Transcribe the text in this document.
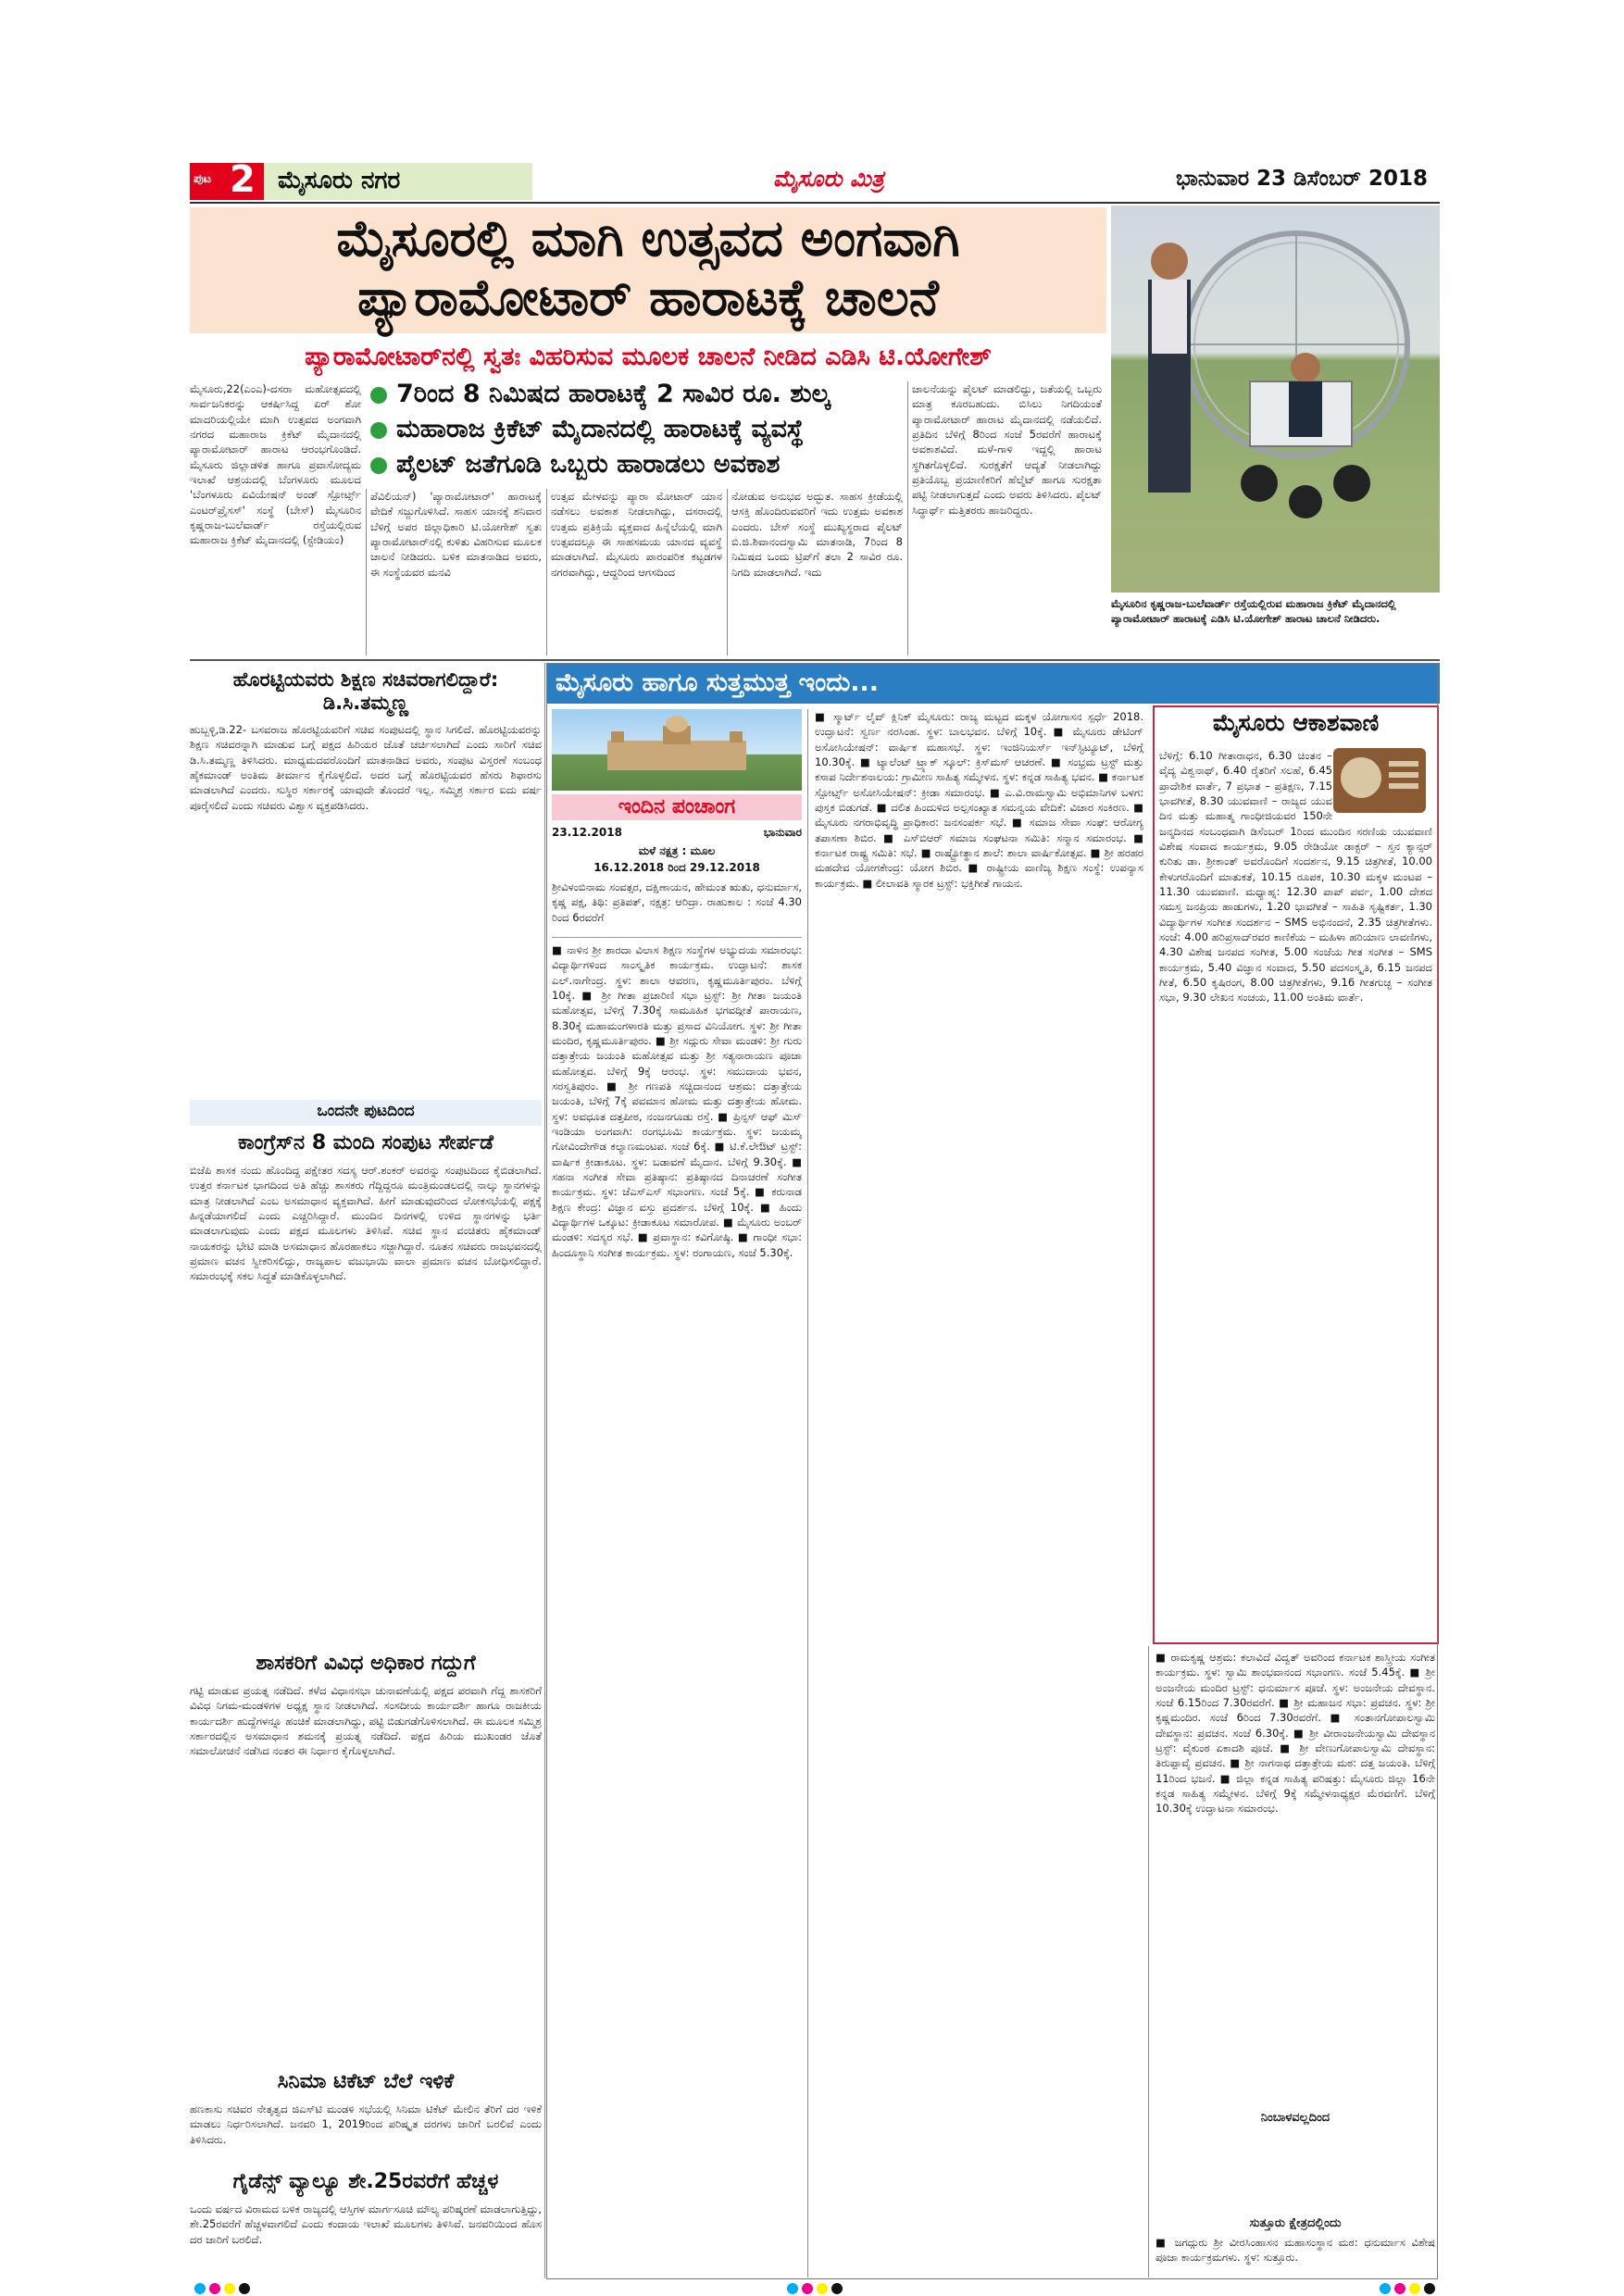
ಪುಟ 2 ಮೈಸೂರು ನಗರ	ಮೈಸೂರು ಮಿತ್ರ	ಭಾನುವಾರ 23 ಡಿಸೆಂಬರ್ 2018
ಮೈಸೂರಲ್ಲಿ ಮಾಗಿ ಉತ್ಸವದ ಅಂಗವಾಗಿ
ಪ್ಯಾರಾಮೋಟಾರ್ ಹಾರಾಟಕ್ಕೆ ಚಾಲನೆ
ಪ್ಯಾರಾಮೋಟಾರ್‌ನಲ್ಲಿ ಸ್ವತಃ ವಿಹರಿಸುವ ಮೂಲಕ ಚಾಲನೆ ನೀಡಿದ ಎಡಿಸಿ ಟಿ.ಯೋಗೇಶ್
ಮೈಸೂರಿನ ಕೃಷ್ಣರಾಜ-ಬುಲೆವಾರ್ಡ್ ರಸ್ತೆಯಲ್ಲಿರುವ ಮಹಾರಾಜ ಕ್ರಿಕೆಟ್ ಮೈದಾನದಲ್ಲಿ ಪ್ಯಾರಾಮೋಟಾರ್ ಹಾರಾಟಕ್ಕೆ ಎಡಿಸಿ ಟಿ.ಯೋಗೇಶ್ ಹಾರಾಟ ಚಾಲನೆ ನೀಡಿದರು.
7ರಿಂದ 8 ನಿಮಿಷದ ಹಾರಾಟಕ್ಕೆ 2 ಸಾವಿರ ರೂ. ಶುಲ್ಕ
ಮಹಾರಾಜ ಕ್ರಿಕೆಟ್ ಮೈದಾನದಲ್ಲಿ ಹಾರಾಟಕ್ಕೆ ವ್ಯವಸ್ಥೆ
ಪೈಲಟ್ ಜತೆಗೂಡಿ ಒಬ್ಬರು ಹಾರಾಡಲು ಅವಕಾಶ
ಮೈಸೂರು,22(ಎಂಎ)-ದಸರಾ ಮಹೋತ್ಸವದಲ್ಲಿ ಸಾರ್ವಜನಿಕರನ್ನು ಆಕರ್ಷಿಸಿದ್ದ ಏರ್ ಶೋ ಮಾದರಿಯಲ್ಲಿಯೇ ಮಾಗಿ ಉತ್ಸವದ ಅಂಗವಾಗಿ ನಗರದ ಮಹಾರಾಜ ಕ್ರಿಕೆಟ್ ಮೈದಾನದಲ್ಲಿ ಪ್ಯಾರಾಮೋಟಾರ್ ಹಾರಾಟ ಆರಂಭಗೊಂಡಿದೆ. ಮೈಸೂರು ಜಿಲ್ಲಾಡಳಿತ ಹಾಗೂ ಪ್ರವಾಸೋದ್ಯಮ ಇಲಾಖೆ ಆಶ್ರಯದಲ್ಲಿ ಬೆಂಗಳೂರು ಮೂಲದ 'ಬೆಂಗಳೂರು ಏವಿಯೇಷನ್ ಅಂಡ್ ಸ್ಪೋರ್ಟ್ಸ್ ಎಂಟರ್‌ಪ್ರೈಸಸ್' ಸಂಸ್ಥೆ (ಬೇಸ್) ಮೈಸೂರಿನ ಕೃಷ್ಣರಾಜ-ಬುಲೆವಾರ್ಡ್ ರಸ್ತೆಯಲ್ಲಿರುವ ಮಹಾರಾಜ ಕ್ರಿಕೆಟ್ ಮೈದಾನದಲ್ಲಿ (ಸ್ಟೇಡಿಯಂ)
ಪೆವಿಲಿಯನ್) 'ಪ್ಯಾರಾಮೋಟಾರ್' ಹಾರಾಟಕ್ಕೆ ವೇದಿಕೆ ಸಜ್ಜುಗೊಳಿಸಿದೆ. ಸಾಹಸ ಯಾನಕ್ಕೆ ಶನಿವಾರ ಬೆಳಿಗ್ಗೆ ಅಪರ ಜಿಲ್ಲಾಧಿಕಾರಿ ಟಿ.ಯೋಗೇಶ್ ಸ್ವತಃ ಪ್ಯಾರಾಮೋಟಾರ್‌ನಲ್ಲಿ ಕುಳಿತು ವಿಹರಿಸುವ ಮೂಲಕ ಚಾಲನೆ ನೀಡಿದರು. ಬಳಿಕ ಮಾತನಾಡಿದ ಅವರು, ಈ ಸಂಸ್ಥೆಯವರ ಮನವಿ
ಉತ್ಸವ ಮೇಳವನ್ನು ಪ್ಯಾರಾ ಮೋಟಾರ್ ಯಾನ ನಡೆಸಲು ಅವಕಾಶ ನೀಡಲಾಗಿದ್ದು, ದಸರಾದಲ್ಲಿ ಉತ್ತಮ ಪ್ರತಿಕ್ರಿಯೆ ವ್ಯಕ್ತವಾದ ಹಿನ್ನೆಲೆಯಲ್ಲಿ ಮಾಗಿ ಉತ್ಸವದಲ್ಲೂ ಈ ಸಾಹಸಮಯ ಯಾನದ ವ್ಯವಸ್ಥೆ ಮಾಡಲಾಗಿದೆ. ಮೈಸೂರು ಪಾರಂಪರಿಕ ಕಟ್ಟಡಗಳ ನಗರವಾಗಿದ್ದು, ಆದ್ದರಿಂದ ಆಗಸದಿಂದ
ನೋಡುವ ಅನುಭವ ಅದ್ಭುತ. ಸಾಹಸ ಕ್ರೀಡೆಯಲ್ಲಿ ಆಸಕ್ತಿ ಹೊಂದಿರುವವರಿಗೆ ಇದು ಉತ್ತಮ ಅವಕಾಶ ಎಂದರು. ಬೇಸ್ ಸಂಸ್ಥೆ ಮುಖ್ಯಸ್ಥರಾದ ಪೈಲಟ್ ಬಿ.ಜಿ.ಶಿವಾನಂದಸ್ವಾಮಿ ಮಾತನಾಡಿ, 7ರಿಂದ 8 ನಿಮಿಷದ ಒಂದು ಟ್ರಿಪ್‌ಗೆ ತಲಾ 2 ಸಾವಿರ ರೂ. ನಿಗದಿ ಮಾಡಲಾಗಿದೆ. ಇದು
ಚಾಲನೆಯನ್ನು ಪೈಲಟ್ ಮಾಡಲಿದ್ದು, ಜತೆಯಲ್ಲಿ ಒಬ್ಬರು ಮಾತ್ರ ಕೂರಬಹುದು. ಬಿಸಿಲು ನಿಗದಿಯಂತೆ ಪ್ಯಾರಾಮೋಟಾರ್ ಹಾರಾಟ ಮೈದಾನದಲ್ಲಿ ನಡೆಯಲಿದೆ. ಪ್ರತಿದಿನ ಬೆಳಿಗ್ಗೆ 8ರಿಂದ ಸಂಜೆ 5ರವರೆಗೆ ಹಾರಾಟಕ್ಕೆ ಅವಕಾಶವಿದೆ. ಮಳೆ-ಗಾಳಿ ಇದ್ದಲ್ಲಿ ಹಾರಾಟ ಸ್ಥಗಿತಗೊಳ್ಳಲಿದೆ. ಸುರಕ್ಷತೆಗೆ ಆದ್ಯತೆ ನೀಡಲಾಗಿದ್ದು ಪ್ರತಿಯೊಬ್ಬ ಪ್ರಯಾಣಿಕರಿಗೆ ಹೆಲ್ಮೆಟ್ ಹಾಗೂ ಸುರಕ್ಷತಾ ಪಟ್ಟಿ ನೀಡಲಾಗುತ್ತದೆ ಎಂದು ಅವರು ತಿಳಿಸಿದರು. ಪೈಲಟ್ ಸಿದ್ಧಾರ್ಥ್ ಮತ್ತಿತರರು ಹಾಜರಿದ್ದರು.
ಹೊರಟ್ಟಿಯವರು ಶಿಕ್ಷಣ ಸಚಿವರಾಗಲಿದ್ದಾರೆ: ಡಿ.ಸಿ.ತಮ್ಮಣ್ಣ
ಹುಬ್ಬಳ್ಳಿ,ಡಿ.22- ಬಸವರಾಜ ಹೊರಟ್ಟಿಯವರಿಗೆ ಸಚಿವ ಸಂಪುಟದಲ್ಲಿ ಸ್ಥಾನ ಸಿಗಲಿದೆ. ಹೊರಟ್ಟಿಯವರನ್ನು ಶಿಕ್ಷಣ ಸಚಿವರನ್ನಾಗಿ ಮಾಡುವ ಬಗ್ಗೆ ಪಕ್ಷದ ಹಿರಿಯರ ಜೊತೆ ಚರ್ಚಿಸಲಾಗಿದೆ ಎಂದು ಸಾರಿಗೆ ಸಚಿವ ಡಿ.ಸಿ.ತಮ್ಮಣ್ಣ ತಿಳಿಸಿದರು. ಮಾಧ್ಯಮದವರೊಂದಿಗೆ ಮಾತನಾಡಿದ ಅವರು, ಸಂಪುಟ ವಿಸ್ತರಣೆ ಸಂಬಂಧ ಹೈಕಮಾಂಡ್ ಅಂತಿಮ ತೀರ್ಮಾನ ಕೈಗೊಳ್ಳಲಿದೆ. ಅದರ ಬಗ್ಗೆ ಹೊರಟ್ಟಿಯವರ ಹೆಸರು ಶಿಫಾರಸು ಮಾಡಲಾಗಿದೆ ಎಂದರು. ಸುಸ್ಥಿರ ಸರ್ಕಾರಕ್ಕೆ ಯಾವುದೇ ತೊಂದರೆ ಇಲ್ಲ. ಸಮ್ಮಿಶ್ರ ಸರ್ಕಾರ ಐದು ವರ್ಷ ಪೂರೈಸಲಿದೆ ಎಂದು ಸಚಿವರು ವಿಶ್ವಾಸ ವ್ಯಕ್ತಪಡಿಸಿದರು.
ಒಂದನೇ ಪುಟದಿಂದ
ಕಾಂಗ್ರೆಸ್‌ನ 8 ಮಂದಿ ಸಂಪುಟ ಸೇರ್ಪಡೆ
ಬಿಜೆಪಿ ಶಾಸಕ ನಂದು ಹೊಂದಿದ್ದ ಪಕ್ಷೇತರ ಸದಸ್ಯ ಆರ್.ಶಂಕರ್ ಅವರನ್ನು ಸಂಪುಟದಿಂದ ಕೈಬಿಡಲಾಗಿದೆ. ಉತ್ತರ ಕರ್ನಾಟಕ ಭಾಗದಿಂದ ಅತಿ ಹೆಚ್ಚು ಶಾಸಕರು ಗೆದ್ದಿದ್ದರೂ ಮಂತ್ರಿಮಂಡಲದಲ್ಲಿ ನಾಲ್ಕು ಸ್ಥಾನಗಳನ್ನು ಮಾತ್ರ ನೀಡಲಾಗಿದೆ ಎಂಬ ಅಸಮಾಧಾನ ವ್ಯಕ್ತವಾಗಿದೆ. ಹೀಗೆ ಮಾಡುವುದರಿಂದ ಲೋಕಸಭೆಯಲ್ಲಿ ಪಕ್ಷಕ್ಕೆ ಹಿನ್ನಡೆಯಾಗಲಿದೆ ಎಂದು ಎಚ್ಚರಿಸಿದ್ದಾರೆ. ಮುಂದಿನ ದಿನಗಳಲ್ಲಿ ಉಳಿದ ಸ್ಥಾನಗಳನ್ನು ಭರ್ತಿ ಮಾಡಲಾಗುವುದು ಎಂದು ಪಕ್ಷದ ಮೂಲಗಳು ತಿಳಿಸಿವೆ. ಸಚಿವ ಸ್ಥಾನ ವಂಚಿತರು ಹೈಕಮಾಂಡ್ ನಾಯಕರನ್ನು ಭೇಟಿ ಮಾಡಿ ಅಸಮಾಧಾನ ಹೊರಹಾಕಲು ಸಜ್ಜಾಗಿದ್ದಾರೆ. ನೂತನ ಸಚಿವರು ರಾಜಭವನದಲ್ಲಿ ಪ್ರಮಾಣ ವಚನ ಸ್ವೀಕರಿಸಲಿದ್ದು, ರಾಜ್ಯಪಾಲ ವಜುಭಾಯಿ ವಾಲಾ ಪ್ರಮಾಣ ವಚನ ಬೋಧಿಸಲಿದ್ದಾರೆ. ಸಮಾರಂಭಕ್ಕೆ ಸಕಲ ಸಿದ್ಧತೆ ಮಾಡಿಕೊಳ್ಳಲಾಗಿದೆ.
ಶಾಸಕರಿಗೆ ವಿವಿಧ ಅಧಿಕಾರ ಗದ್ದುಗೆ
ಗಟ್ಟಿ ಮಾಡುವ ಪ್ರಯತ್ನ ನಡೆದಿದೆ. ಕಳೆದ ವಿಧಾನಸಭಾ ಚುನಾವಣೆಯಲ್ಲಿ ಪಕ್ಷದ ಪರವಾಗಿ ಗೆದ್ದ ಶಾಸಕರಿಗೆ ವಿವಿಧ ನಿಗಮ-ಮಂಡಳಿಗಳ ಅಧ್ಯಕ್ಷ ಸ್ಥಾನ ನೀಡಲಾಗಿದೆ. ಸಂಸದೀಯ ಕಾರ್ಯದರ್ಶಿ ಹಾಗೂ ರಾಜಕೀಯ ಕಾರ್ಯದರ್ಶಿ ಹುದ್ದೆಗಳನ್ನೂ ಹಂಚಿಕೆ ಮಾಡಲಾಗಿದ್ದು, ಪಟ್ಟಿ ಬಿಡುಗಡೆಗೊಳಿಸಲಾಗಿದೆ. ಈ ಮೂಲಕ ಸಮ್ಮಿಶ್ರ ಸರ್ಕಾರದಲ್ಲಿನ ಅಸಮಾಧಾನ ಶಮನಕ್ಕೆ ಪ್ರಯತ್ನ ನಡೆದಿದೆ. ಪಕ್ಷದ ಹಿರಿಯ ಮುಖಂಡರ ಜೊತೆ ಸಮಾಲೋಚನೆ ನಡೆಸಿದ ನಂತರ ಈ ನಿರ್ಧಾರ ಕೈಗೊಳ್ಳಲಾಗಿದೆ.
ಸಿನಿಮಾ ಟಿಕೆಟ್ ಬೆಲೆ ಇಳಿಕೆ
ಹಣಕಾಸು ಸಚಿವರ ನೇತೃತ್ವದ ಜಿಎಸ್‌ಟಿ ಮಂಡಳಿ ಸಭೆಯಲ್ಲಿ ಸಿನಿಮಾ ಟಿಕೆಟ್ ಮೇಲಿನ ತೆರಿಗೆ ದರ ಇಳಿಕೆ ಮಾಡಲು ನಿರ್ಧರಿಸಲಾಗಿದೆ. ಜನವರಿ 1, 2019ರಿಂದ ಪರಿಷ್ಕೃತ ದರಗಳು ಜಾರಿಗೆ ಬರಲಿವೆ ಎಂದು ತಿಳಿಸಿದರು.
ಗೈಡೆನ್ಸ್ ವ್ಯಾಲ್ಯೂ ಶೇ.25ರವರೆಗೆ ಹೆಚ್ಚಳ
ಒಂದು ವರ್ಷದ ವಿರಾಮದ ಬಳಿಕ ರಾಜ್ಯದಲ್ಲಿ ಆಸ್ತಿಗಳ ಮಾರ್ಗಸೂಚಿ ಮೌಲ್ಯ ಪರಿಷ್ಕರಣೆ ಮಾಡಲಾಗುತ್ತಿದ್ದು, ಶೇ.25ರವರೆಗೆ ಹೆಚ್ಚಳವಾಗಲಿದೆ ಎಂದು ಕಂದಾಯ ಇಲಾಖೆ ಮೂಲಗಳು ತಿಳಿಸಿವೆ. ಜನವರಿಯಿಂದ ಹೊಸ ದರ ಜಾರಿಗೆ ಬರಲಿದೆ.
ಮೈಸೂರು ಹಾಗೂ ಸುತ್ತಮುತ್ತ ಇಂದು...
ಇಂದಿನ ಪಂಚಾಂಗ
23.12.2018	ಭಾನುವಾರ
ಮಳೆ ನಕ್ಷತ್ರ : ಮೂಲ
16.12.2018 ರಿಂದ 29.12.2018
ಶ್ರೀವಿಳಂಬಿನಾಮ ಸಂವತ್ಸರ, ದಕ್ಷಿಣಾಯನ, ಹೇಮಂತ ಋತು, ಧನುರ್ಮಾಸ, ಕೃಷ್ಣ ಪಕ್ಷ, ತಿಥಿ: ಪ್ರತಿಪತ್, ನಕ್ಷತ್ರ: ಆರಿದ್ರಾ. ರಾಹುಕಾಲ : ಸಂಜೆ 4.30 ರಿಂದ 6ರವರೆಗೆ
■ ನಾಳಿನ ಶ್ರೀ ಶಾರದಾ ವಿಲಾಸ ಶಿಕ್ಷಣ ಸಂಸ್ಥೆಗಳ ಅಭ್ಯುದಯ ಸಮಾರಂಭ: ವಿದ್ಯಾರ್ಥಿಗಳಿಂದ ಸಾಂಸ್ಕೃತಿಕ ಕಾರ್ಯಕ್ರಮ. ಉದ್ಘಾಟನೆ: ಶಾಸಕ ಎಲ್.ನಾಗೇಂದ್ರ. ಸ್ಥಳ: ಶಾಲಾ ಆವರಣ, ಕೃಷ್ಣಮೂರ್ತಿಪುರಂ. ಬೆಳಿಗ್ಗೆ 10ಕ್ಕೆ. ■ ಶ್ರೀ ಗೀತಾ ಪ್ರಚಾರಿಣಿ ಸಭಾ ಟ್ರಸ್ಟ್: ಶ್ರೀ ಗೀತಾ ಜಯಂತಿ ಮಹೋತ್ಸವ, ಬೆಳಿಗ್ಗೆ 7.30ಕ್ಕೆ ಸಾಮೂಹಿಕ ಭಗವದ್ಗೀತೆ ಪಾರಾಯಣ, 8.30ಕ್ಕೆ ಮಹಾಮಂಗಳಾರತಿ ಮತ್ತು ಪ್ರಸಾದ ವಿನಿಯೋಗ. ಸ್ಥಳ: ಶ್ರೀ ಗೀತಾ ಮಂದಿರ, ಕೃಷ್ಣಮೂರ್ತಿಪುರಂ. ■ ಶ್ರೀ ಸದ್ಗುರು ಸೇವಾ ಮಂಡಳಿ: ಶ್ರೀ ಗುರು ದತ್ತಾತ್ರೇಯ ಜಯಂತಿ ಮಹೋತ್ಸವ ಮತ್ತು ಶ್ರೀ ಸತ್ಯನಾರಾಯಣ ಪೂಜಾ ಮಹೋತ್ಸವ. ಬೆಳಿಗ್ಗೆ 9ಕ್ಕೆ ಆರಂಭ. ಸ್ಥಳ: ಸಮುದಾಯ ಭವನ, ಸರಸ್ವತಿಪುರಂ. ■ ಶ್ರೀ ಗಣಪತಿ ಸಚ್ಚಿದಾನಂದ ಆಶ್ರಮ: ದತ್ತಾತ್ರೇಯ ಜಯಂತಿ, ಬೆಳಿಗ್ಗೆ 7ಕ್ಕೆ ಪವಮಾನ ಹೋಮ ಮತ್ತು ದತ್ತಾತ್ರೇಯ ಹೋಮ. ಸ್ಥಳ: ಅವಧೂತ ದತ್ತಪೀಠ, ನಂಜನಗೂಡು ರಸ್ತೆ. ■ ಪ್ರಿನ್ಸಸ್ ಆಫ್ ಮಿಸ್ ಇಂಡಿಯಾ ಅಂಗವಾಗಿ: ರಂಗಭೂಮಿ ಕಾರ್ಯಕ್ರಮ. ಸ್ಥಳ: ಜಯಮ್ಮ ಗೋವಿಂದೇಗೌಡ ಕಲ್ಯಾಣಮಂಟಪ. ಸಂಜೆ 6ಕ್ಕೆ. ■ ಟಿ.ಕೆ.ಲೇಔಟ್ ಟ್ರಸ್ಟ್: ವಾರ್ಷಿಕ ಕ್ರೀಡಾಕೂಟ. ಸ್ಥಳ: ಬಡಾವಣೆ ಮೈದಾನ. ಬೆಳಿಗ್ಗೆ 9.30ಕ್ಕೆ. ■ ಸಹನಾ ಸಂಗೀತ ಸೇವಾ ಪ್ರತಿಷ್ಠಾನ: ಪ್ರತಿಷ್ಠಾನದ ದಿನಾಚರಣೆ ಸಂಗೀತ ಕಾರ್ಯಕ್ರಮ. ಸ್ಥಳ: ಜೆಎಸ್‌ಎಸ್ ಸಭಾಂಗಣ. ಸಂಜೆ 5ಕ್ಕೆ. ■ ಕರುನಾಡ ಶಿಕ್ಷಣ ಕೇಂದ್ರ: ವಿಜ್ಞಾನ ವಸ್ತು ಪ್ರದರ್ಶನ. ಬೆಳಿಗ್ಗೆ 10ಕ್ಕೆ. ■ ಹಿಂದು ವಿದ್ಯಾರ್ಥಿಗಳ ಒಕ್ಕೂಟ: ಕ್ರೀಡಾಕೂಟ ಸಮಾರೋಪ. ■ ಮೈಸೂರು ಅಂಬರ್ ಮಂಡಳಿ: ಸದಸ್ಯರ ಸಭೆ. ■ ಪ್ರವಾಸ್ಥಾನ: ಕವಿಗೋಷ್ಠಿ. ■ ಗಾಂಧೀ ಸಭಾ: ಹಿಂದೂಸ್ಥಾನಿ ಸಂಗೀತ ಕಾರ್ಯಕ್ರಮ. ಸ್ಥಳ: ರಂಗಾಯಣ, ಸಂಜೆ 5.30ಕ್ಕೆ.
■ ಸ್ಮಾರ್ಟ್ ಲೈವ್ ಕ್ಲಿನಿಕ್ ಮೈಸೂರು: ರಾಜ್ಯ ಮಟ್ಟದ ಮಕ್ಕಳ ಯೋಗಾಸನ ಸ್ಪರ್ಧೆ 2018. ಉದ್ಘಾಟನೆ: ಸ್ವರ್ಣ ನರಸಿಂಹ. ಸ್ಥಳ: ಬಾಲಭವನ. ಬೆಳಿಗ್ಗೆ 10ಕ್ಕೆ. ■ ಮೈಸೂರು ಡೇಟಿಂಗ್ ಅಸೋಸಿಯೇಷನ್: ವಾರ್ಷಿಕ ಮಹಾಸಭೆ. ಸ್ಥಳ: ಇಂಜಿನಿಯರ್ಸ್ ಇನ್‌ಸ್ಟಿಟ್ಯೂಟ್, ಬೆಳಿಗ್ಗೆ 10.30ಕ್ಕೆ. ■ ಟ್ಯಾಲೆಂಟ್ ಟ್ರ್ಯಾಕ್ ಸ್ಕೂಲ್: ಕ್ರಿಸ್‌ಮಸ್ ಆಚರಣೆ. ■ ಸಂಭ್ರಮ ಟ್ರಸ್ಟ್ ಮತ್ತು ಕಸಾಪ ನಿರ್ದೇಶನಾಲಯ: ಗ್ರಾಮೀಣ ಸಾಹಿತ್ಯ ಸಮ್ಮೇಳನ. ಸ್ಥಳ: ಕನ್ನಡ ಸಾಹಿತ್ಯ ಭವನ. ■ ಕರ್ನಾಟಕ ಸ್ಪೋರ್ಟ್ಸ್ ಅಸೋಸಿಯೇಷನ್: ಕ್ರೀಡಾ ಸಮಾರಂಭ. ■ ಎ.ವಿ.ರಾಮಸ್ವಾಮಿ ಅಭಿಮಾನಿಗಳ ಬಳಗ: ಪುಸ್ತಕ ಬಿಡುಗಡೆ. ■ ದಲಿತ ಹಿಂದುಳಿದ ಅಲ್ಪಸಂಖ್ಯಾತ ಸಮನ್ವಯ ವೇದಿಕೆ: ವಿಚಾರ ಸಂಕಿರಣ. ■ ಮೈಸೂರು ನಗರಾಭಿವೃದ್ಧಿ ಪ್ರಾಧಿಕಾರ: ಜನಸಂಪರ್ಕ ಸಭೆ. ■ ಸಮಾಜ ಸೇವಾ ಸಂಘ: ಆರೋಗ್ಯ ತಪಾಸಣಾ ಶಿಬಿರ. ■ ಎಸ್‌ಬಿಆರ್ ಸಮಾಜ ಸಂಘಟನಾ ಸಮಿತಿ: ಸನ್ಮಾನ ಸಮಾರಂಭ. ■ ಕರ್ನಾಟಕ ರಾಷ್ಟ್ರ ಸಮಿತಿ: ಸಭೆ. ■ ರಾಷ್ಟ್ರೋತ್ಥಾನ ಶಾಲೆ: ಶಾಲಾ ವಾರ್ಷಿಕೋತ್ಸವ. ■ ಶ್ರೀ ಹರಹರ ಮಹದೇವ ಯೋಗಕೇಂದ್ರ: ಯೋಗ ಶಿಬಿರ. ■ ರಾಷ್ಟ್ರೀಯ ವಾಣಿಜ್ಯ ಶಿಕ್ಷಣ ಸಂಸ್ಥೆ: ಉಪನ್ಯಾಸ ಕಾರ್ಯಕ್ರಮ. ■ ಲೀಲಾವತಿ ಸ್ಮಾರಕ ಟ್ರಸ್ಟ್: ಭಕ್ತಿಗೀತೆ ಗಾಯನ.
ಮೈಸೂರು ಆಕಾಶವಾಣಿ
ಬೆಳಿಗ್ಗೆ: 6.10 ಗೀತಾರಾಧನ, 6.30 ಚಿಂತನ – ವೈದ್ಯ ವಿಶ್ವನಾಥ್, 6.40 ರೈತರಿಗೆ ಸಲಹೆ, 6.45 ಪ್ರಾದೇಶಿಕ ವಾರ್ತೆ, 7 ಪ್ರಭಾತ – ಪ್ರತಿಕ್ಷಣ, 7.15 ಭಾವಗೀತೆ, 8.30 ಯುವವಾಣಿ – ರಾಜ್ಯದ ಯುವ ದಿನ ಮತ್ತು ಮಹಾತ್ಮ ಗಾಂಧೀಜಿಯವರ 150ನೇ ಜನ್ಮದಿನದ ಸಂಬಂಧವಾಗಿ ಡಿಸೆಂಬರ್ 1ರಿಂದ ಮುಂದಿನ ಸರಣಿಯ ಯುವವಾಣಿ ವಿಶೇಷ ಸಂವಾದ ಕಾರ್ಯಕ್ರಮ, 9.05 ರೇಡಿಯೋ ಡಾಕ್ಟರ್ – ಸ್ತನ ಕ್ಯಾನ್ಸರ್ ಕುರಿತು ಡಾ. ಶ್ರೀಕಾಂತ್ ಅವರೊಂದಿಗೆ ಸಂದರ್ಶನ, 9.15 ಚಿತ್ರಗೀತೆ, 10.00 ಕೇಳುಗರೊಂದಿಗೆ ಮಾತುಕತೆ, 10.15 ರೂಪಕ, 10.30 ಮಕ್ಕಳ ಮಂಟಪ – 11.30 ಯುವವಾಣಿ. ಮಧ್ಯಾಹ್ನ: 12.30 ಪಾಪ್ ಪರ್ವ, 1.00 ದೇಶದ ಸಮಸ್ತ ಜನಪ್ರಿಯ ಹಾಡುಗಳು, 1.20 ಭಾವಗೀತೆ – ಸಾಹಿತಿ ಸೃಷ್ಟಿಕರ್ತ, 1.30 ವಿದ್ಯಾರ್ಥಿಗಳ ಸಂಗೀತ ಸಂದರ್ಶನ – SMS ಅಭಿನಂದನೆ, 2.35 ಚಿತ್ರಗೀತೆಗಳು. ಸಂಜೆ: 4.00 ಹರಿಪ್ರಸಾದ್‌ರವರ ಕಾಣಿಕೆಯ – ಮಹಿಳಾ ಹರಿಯಾಣ ಲಾವಣಿಗಳು, 4.30 ವಿಶೇಷ ಜನಪದ ಸಂಗೀತ, 5.00 ಸಂಜೆಯ ಗೀತ ಸಂಗೀತ – SMS ಕಾರ್ಯಕ್ರಮ, 5.40 ವಿಜ್ಞಾನ ಸಂವಾದ, 5.50 ಪದಸಂಸ್ಕೃತಿ, 6.15 ಜನಪದ ಗೀತೆ, 6.50 ಕೃಷಿರಂಗ, 8.00 ಚಿತ್ರಗೀತೆಗಳು, 9.16 ಗೀತಗುಚ್ಛ – ಸಂಗೀತ ಸಭಾ, 9.30 ಲೇಖನ ಸಂಚಯ, 11.00 ಅಂತಿಮ ವಾರ್ತೆ.
■ ರಾಮಕೃಷ್ಣ ಆಶ್ರಮ: ಕಲಾವಿದೆ ವಿದ್ವತ್ ಅವರಿಂದ ಕರ್ನಾಟಕ ಶಾಸ್ತ್ರೀಯ ಸಂಗೀತ ಕಾರ್ಯಕ್ರಮ. ಸ್ಥಳ: ಸ್ವಾಮಿ ಶಾಂಭವಾನಂದ ಸಭಾಂಗಣ. ಸಂಜೆ 5.45ಕ್ಕೆ. ■ ಶ್ರೀ ಅಂಜನೇಯ ಮಂದಿರ ಟ್ರಸ್ಟ್: ಧನುರ್ಮಾಸ ಪೂಜೆ. ಸ್ಥಳ: ಅಂಜನೇಯ ದೇವಸ್ಥಾನ. ಸಂಜೆ 6.15ರಿಂದ 7.30ರವರೆಗೆ. ■ ಶ್ರೀ ಮಹಾಜನ ಸಭಾ: ಪ್ರವಚನ. ಸ್ಥಳ: ಶ್ರೀ ಕೃಷ್ಣಮಂದಿರ. ಸಂಜೆ 6ರಿಂದ 7.30ರವರೆಗೆ. ■ ಸಂತಾನಗೋಪಾಲಸ್ವಾಮಿ ದೇವಸ್ಥಾನ: ಪ್ರವಚನ. ಸಂಜೆ 6.30ಕ್ಕೆ. ■ ಶ್ರೀ ವೀರಾಂಜನೇಯಸ್ವಾಮಿ ದೇವಸ್ಥಾನ ಟ್ರಸ್ಟ್: ವೈಕುಂಠ ಏಕಾದಶಿ ಪೂಜೆ. ■ ಶ್ರೀ ವೇಣುಗೋಪಾಲಸ್ವಾಮಿ ದೇವಸ್ಥಾನ: ತಿರುಪ್ಪಾವೈ ಪ್ರವಚನ. ■ ಶ್ರೀ ನಾಗನಾಥ ದತ್ತಾತ್ರೇಯ ಮಠ: ದತ್ತ ಜಯಂತಿ. ಬೆಳಿಗ್ಗೆ 11ರಿಂದ ಭಜನೆ. ■ ಜಿಲ್ಲಾ ಕನ್ನಡ ಸಾಹಿತ್ಯ ಪರಿಷತ್ತು: ಮೈಸೂರು ಜಿಲ್ಲಾ 16ನೇ ಕನ್ನಡ ಸಾಹಿತ್ಯ ಸಮ್ಮೇಳನ. ಬೆಳಿಗ್ಗೆ 9ಕ್ಕೆ ಸಮ್ಮೇಳನಾಧ್ಯಕ್ಷರ ಮೆರವಣಿಗೆ. ಬೆಳಿಗ್ಗೆ 10.30ಕ್ಕೆ ಉದ್ಘಾಟನಾ ಸಮಾರಂಭ.
ನಿಂಬಾಳವಲ್ಲದಿಂದ
ಸುತ್ತೂರು ಕ್ಷೇತ್ರದಲ್ಲಿಂದು
■ ಜಗದ್ಗುರು ಶ್ರೀ ವೀರಸಿಂಹಾಸನ ಮಹಾಸಂಸ್ಥಾನ ಮಠ: ಧನುರ್ಮಾಸ ವಿಶೇಷ ಪೂಜಾ ಕಾರ್ಯಕ್ರಮಗಳು. ಸ್ಥಳ: ಸುತ್ತೂರು.
